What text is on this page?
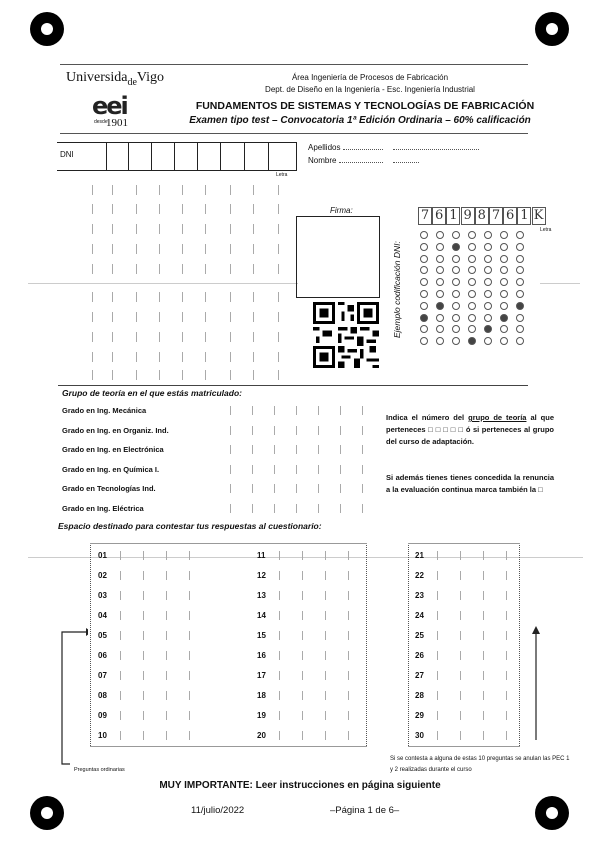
Universida$_{de}$Vigo
eei
desde
1901
Área Ingeniería de Procesos de Fabricación
Dept. de Diseño en la Ingeniería - Esc. Ingeniería Industrial
FUNDAMENTOS DE SISTEMAS Y TECNOLOGÍAS DE FABRICACIÓN
Examen tipo test – Convocatoria 1ª Edición Ordinaria – 60% calificación
DNI
Letra
Apellidos
Nombre
Firma:
Ejemplo codificación DNI:
7 6 1 9 8 7 6 1 K
Letra
Grupo de teoría en el que estás matriculado:
Grado en Ing. Mecánica
Grado en Ing. en Organiz. Ind.
Grado en Ing. en Electrónica
Grado en Ing. en Química I.
Grado en Tecnologías Ind.
Grado en Ing. Eléctrica
Indica el número del grupo de teoría al que perteneces □ □ □ □ □ ó si perteneces al grupo del curso de adaptación.
Si además tienes tienes concedida la renuncia a la evaluación continua marca también la □
Espacio destinado para contestar tus respuestas al cuestionario:
01
02
03
04
05
06
07
08
09
10
11
12
13
14
15
16
17
18
19
20
21
22
23
24
25
26
27
28
29
30
Preguntas ordinarias
Si se contesta a alguna de estas 10 preguntas se anulan las PEC 1 y 2 realizadas durante el curso
MUY IMPORTANTE: Leer instrucciones en página siguiente
11/julio/2022	–Página 1 de 6–
